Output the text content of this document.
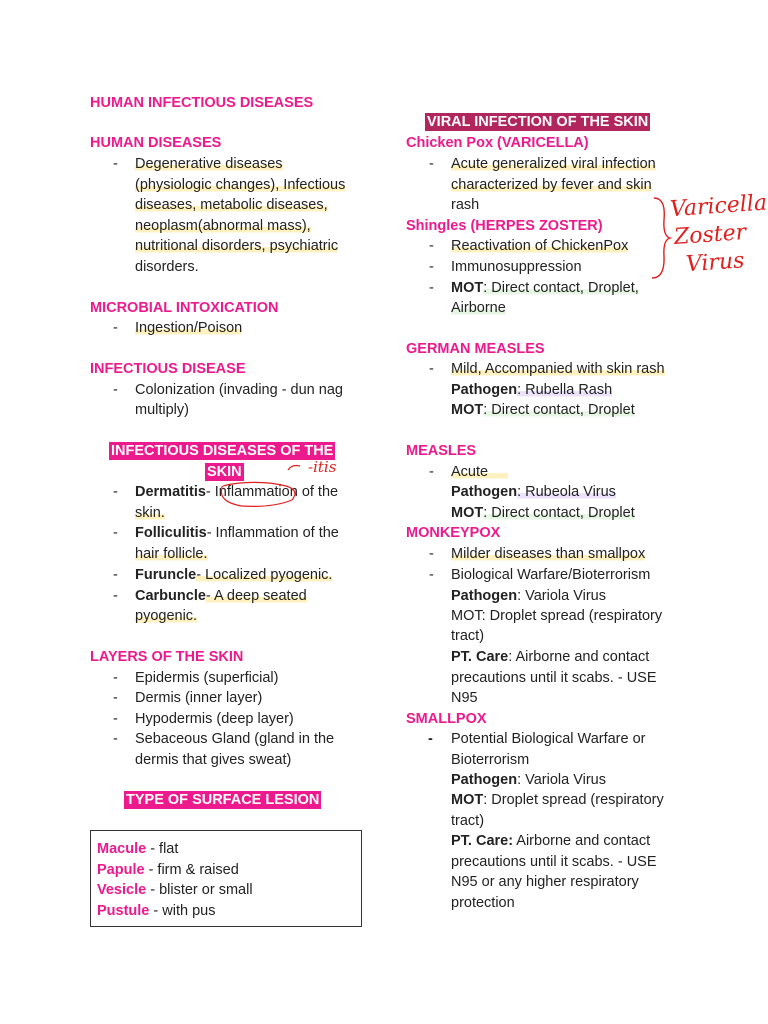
HUMAN INFECTIOUS DISEASES
HUMAN DISEASES
- Degenerative diseases
(physiologic changes), Infectious
diseases, metabolic diseases,
neoplasm(abnormal mass),
nutritional disorders, psychiatric
disorders.
MICROBIAL INTOXICATION
- Ingestion/Poison
INFECTIOUS DISEASE
- Colonization (invading - dun nag
multiply)
INFECTIOUS DISEASES OF THE
SKIN
- Dermatitis- Inflammation of the
skin.
- Folliculitis- Inflammation of the
hair follicle.
- Furuncle- Localized pyogenic.
- Carbuncle- A deep seated
pyogenic.
LAYERS OF THE SKIN
- Epidermis (superficial)
- Dermis (inner layer)
- Hypodermis (deep layer)
- Sebaceous Gland (gland in the
dermis that gives sweat)
TYPE OF SURFACE LESION
Macule - flat
Papule - firm & raised
Vesicle - blister or small
Pustule - with pus
VIRAL INFECTION OF THE SKIN
Chicken Pox (VARICELLA)
- Acute generalized viral infection
characterized by fever and skin
rash
Shingles (HERPES ZOSTER)
- Reactivation of ChickenPox
- Immunosuppression
- MOT: Direct contact, Droplet,
Airborne
GERMAN MEASLES
- Mild, Accompanied with skin rash
Pathogen: Rubella Rash
MOT: Direct contact, Droplet
MEASLES
- Acute
Pathogen: Rubeola Virus
MOT: Direct contact, Droplet
MONKEYPOX
- Milder diseases than smallpox
- Biological Warfare/Bioterrorism
Pathogen: Variola Virus
MOT: Droplet spread (respiratory
tract)
PT. Care: Airborne and contact
precautions until it scabs. - USE
N95
SMALLPOX
- Potential Biological Warfare or
Bioterrorism
Pathogen: Variola Virus
MOT: Droplet spread (respiratory
tract)
PT. Care: Airborne and contact
precautions until it scabs. - USE
N95 or any higher respiratory
protection
Varicella
Zoster
Virus
-itis
